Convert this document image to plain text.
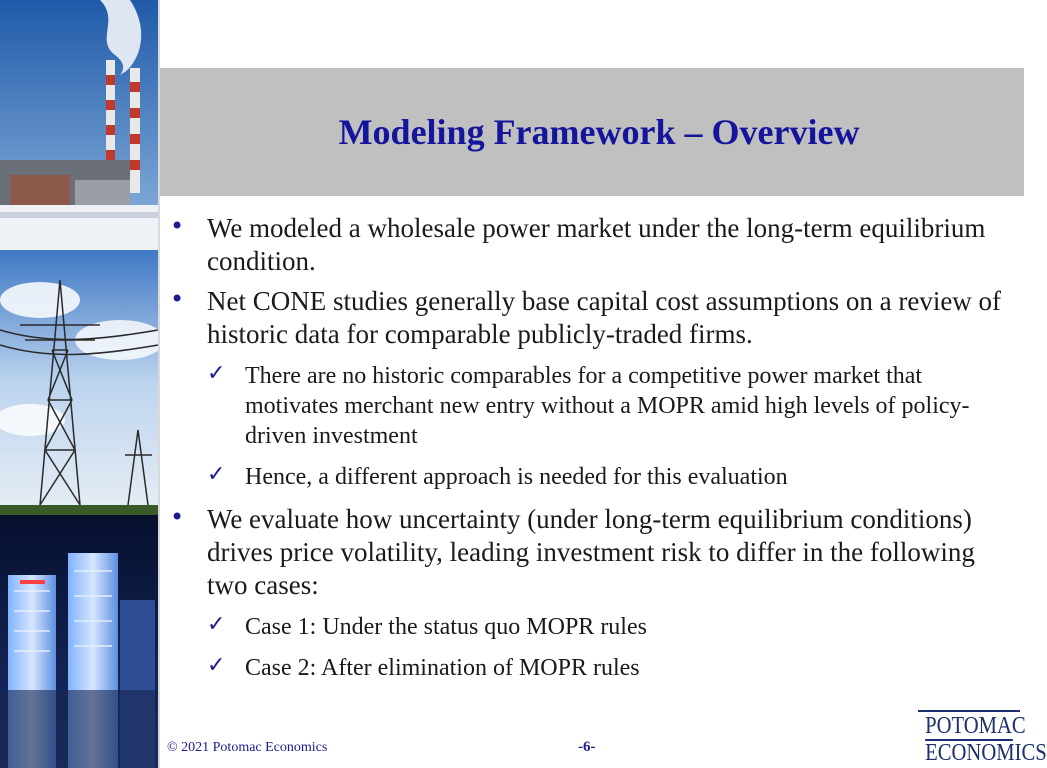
Modeling Framework – Overview
• We modeled a wholesale power market under the long-term equilibrium condition.
• Net CONE studies generally base capital cost assumptions on a review of historic data for comparable publicly-traded firms.
✓ There are no historic comparables for a competitive power market that motivates merchant new entry without a MOPR amid high levels of policy-driven investment
✓ Hence, a different approach is needed for this evaluation
• We evaluate how uncertainty (under long-term equilibrium conditions) drives price volatility, leading investment risk to differ in the following two cases:
✓ Case 1: Under the status quo MOPR rules
✓ Case 2: After elimination of MOPR rules
© 2021 Potomac Economics	-6-
POTOMAC
ECONOMICS
